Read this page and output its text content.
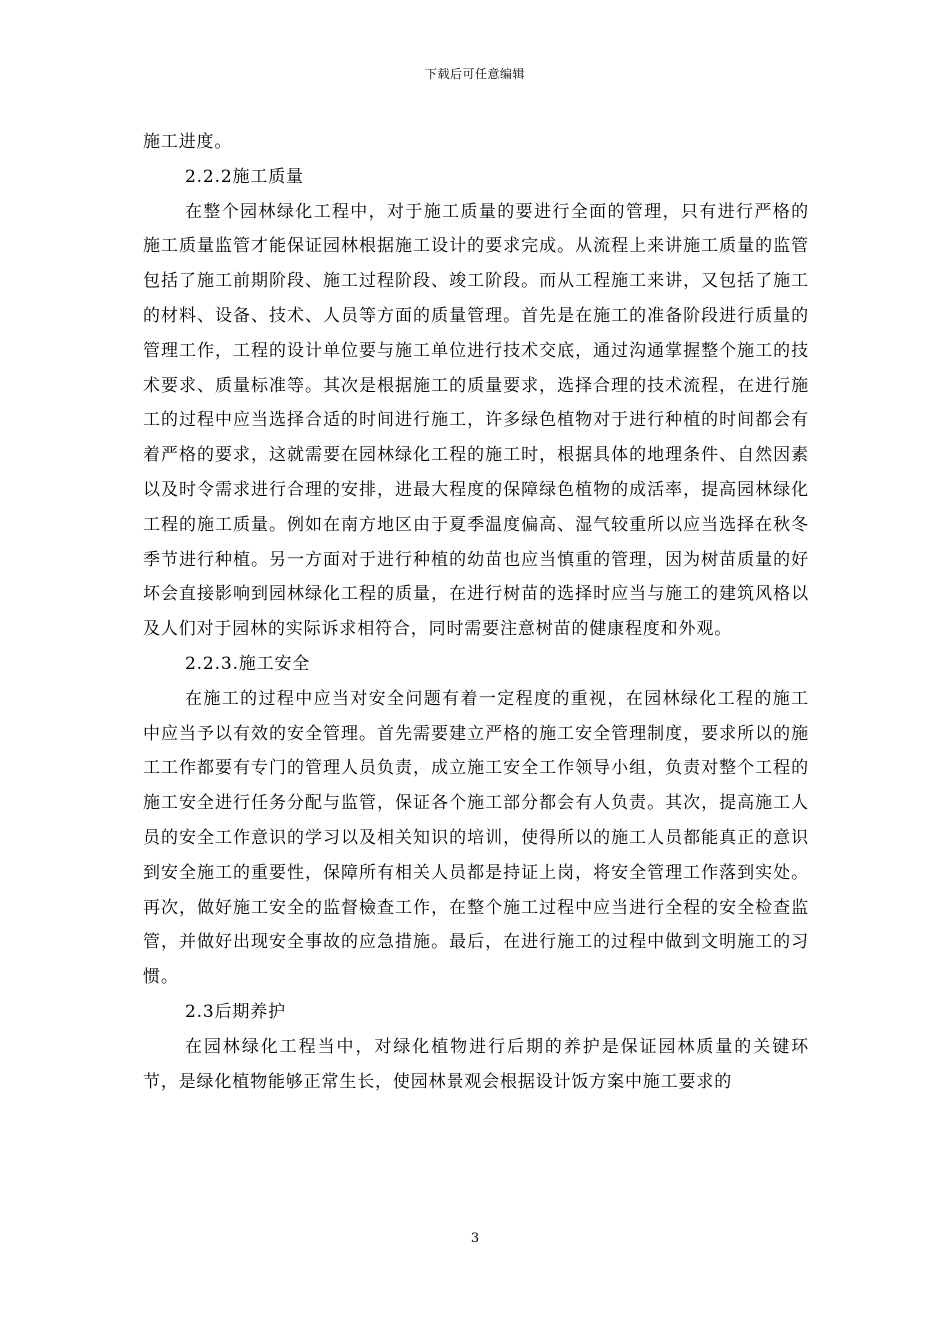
下载后可任意编辑

施工进度。

2.2.2施工质量

在整个园林绿化工程中，对于施工质量的要进行全面的管理，只有进行严格的施工质量监管才能保证园林根据施工设计的要求完成。从流程上来讲施工质量的监管包括了施工前期阶段、施工过程阶段、竣工阶段。而从工程施工来讲，又包括了施工的材料、设备、技术、人员等方面的质量管理。首先是在施工的准备阶段进行质量的管理工作，工程的设计单位要与施工单位进行技术交底，通过沟通掌握整个施工的技术要求、质量标准等。其次是根据施工的质量要求，选择合理的技术流程，在进行施工的过程中应当选择合适的时间进行施工，许多绿色植物对于进行种植的时间都会有着严格的要求，这就需要在园林绿化工程的施工时，根据具体的地理条件、自然因素以及时令需求进行合理的安排，进最大程度的保障绿色植物的成活率，提高园林绿化工程的施工质量。例如在南方地区由于夏季温度偏高、湿气较重所以应当选择在秋冬季节进行种植。另一方面对于进行种植的幼苗也应当慎重的管理，因为树苗质量的好坏会直接影响到园林绿化工程的质量，在进行树苗的选择时应当与施工的建筑风格以及人们对于园林的实际诉求相符合，同时需要注意树苗的健康程度和外观。

2.2.3.施工安全

在施工的过程中应当对安全问题有着一定程度的重视，在园林绿化工程的施工中应当予以有效的安全管理。首先需要建立严格的施工安全管理制度，要求所以的施工工作都要有专门的管理人员负责，成立施工安全工作领导小组，负责对整个工程的施工安全进行任务分配与监管，保证各个施工部分都会有人负责。其次，提高施工人员的安全工作意识的学习以及相关知识的培训，使得所以的施工人员都能真正的意识到安全施工的重要性，保障所有相关人员都是持证上岗，将安全管理工作落到实处。再次，做好施工安全的监督檢查工作，在整个施工过程中应当进行全程的安全检查监管，并做好出现安全事故的应急措施。最后，在进行施工的过程中做到文明施工的习惯。

2.3后期养护

在园林绿化工程当中，对绿化植物进行后期的养护是保证园林质量的关键环节，是绿化植物能够正常生长，使园林景观会根据设计饭方案中施工要求的

3
